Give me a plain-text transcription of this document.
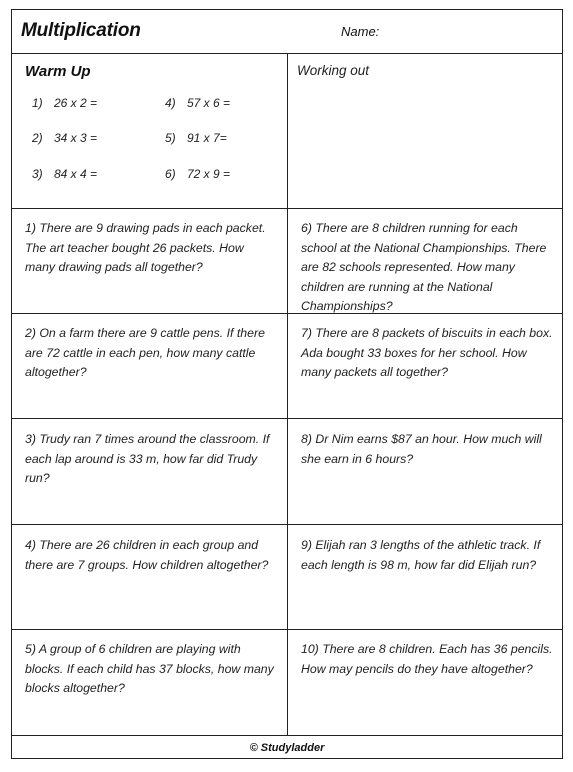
Multiplication	Name:
Warm Up
1) 26 x 2 =
2) 34 x 3 =
3) 84 x 4 =
4) 57 x 6 =
5) 91 x 7=
6) 72 x 9 =
Working out
1) There are 9 drawing pads in each packet. The art teacher bought 26 packets. How many drawing pads all together?
6) There are 8 children running for each school at the National Championships. There are 82 schools represented. How many children are running at the National Championships?
2) On a farm there are 9 cattle pens. If there are 72 cattle in each pen, how many cattle altogether?
7) There are 8 packets of biscuits in each box. Ada bought 33 boxes for her school. How many packets all together?
3) Trudy ran 7 times around the classroom. If each lap around is 33 m, how far did Trudy run?
8) Dr Nim earns $87 an hour. How much will she earn in 6 hours?
4) There are 26 children in each group and there are 7 groups. How children altogether?
9) Elijah ran 3 lengths of the athletic track. If each length is 98 m, how far did Elijah run?
5) A group of 6 children are playing with blocks. If each child has 37 blocks, how many blocks altogether?
10) There are 8 children. Each has 36 pencils. How may pencils do they have altogether?
© Studyladder
